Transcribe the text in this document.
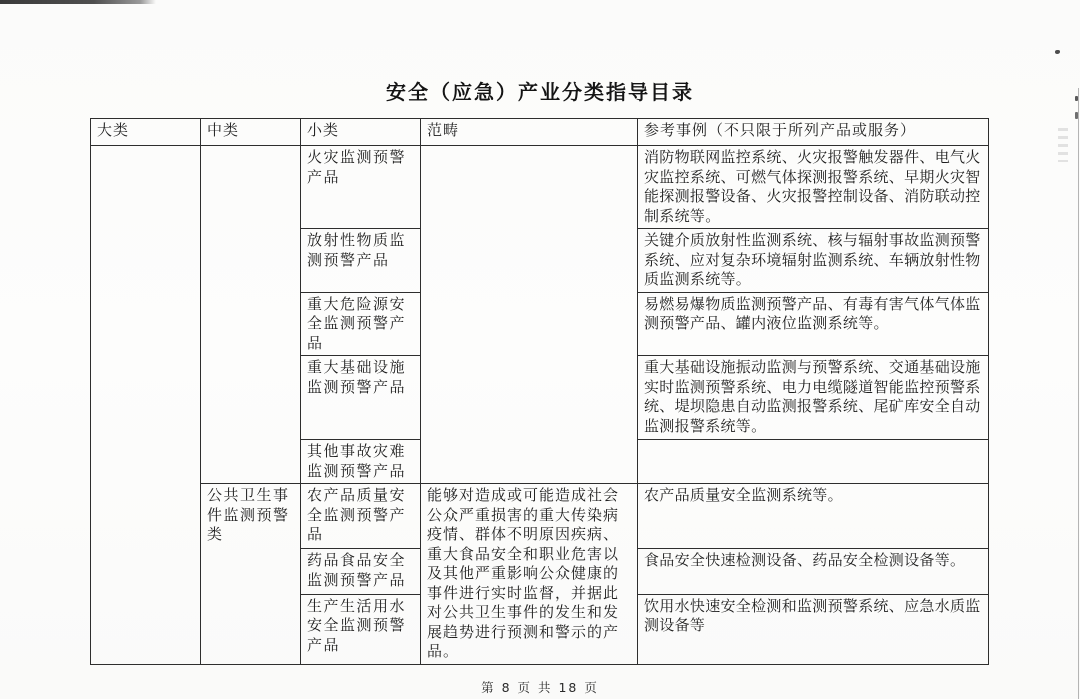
安全（应急）产业分类指导目录
大类	中类	小类	范畴	参考事例（不只限于所列产品或服务）
		火灾监测预警产品		消防物联网监控系统、火灾报警触发器件、电气火灾监控系统、可燃气体探测报警系统、早期火灾智能探测报警设备、火灾报警控制设备、消防联动控制系统等。
		放射性物质监测预警产品		关键介质放射性监测系统、核与辐射事故监测预警系统、应对复杂环境辐射监测系统、车辆放射性物质监测系统等。
		重大危险源安全监测预警产品		易燃易爆物质监测预警产品、有毒有害气体气体监测预警产品、罐内液位监测系统等。
		重大基础设施监测预警产品		重大基础设施振动监测与预警系统、交通基础设施实时监测预警系统、电力电缆隧道智能监控预警系统、堤坝隐患自动监测报警系统、尾矿库安全自动监测报警系统等。
		其他事故灾难监测预警产品		
	公共卫生事件监测预警类	农产品质量安全监测预警产品	能够对造成或可能造成社会公众严重损害的重大传染病疫情、群体不明原因疾病、重大食品安全和职业危害以及其他严重影响公众健康的事件进行实时监督，并据此对公共卫生事件的发生和发展趋势进行预测和警示的产品。	农产品质量安全监测系统等。
		药品食品安全监测预警产品		食品安全快速检测设备、药品安全检测设备等。
		生产生活用水安全监测预警产品		饮用水快速安全检测和监测预警系统、应急水质监测设备等
第 8 页 共 18 页
